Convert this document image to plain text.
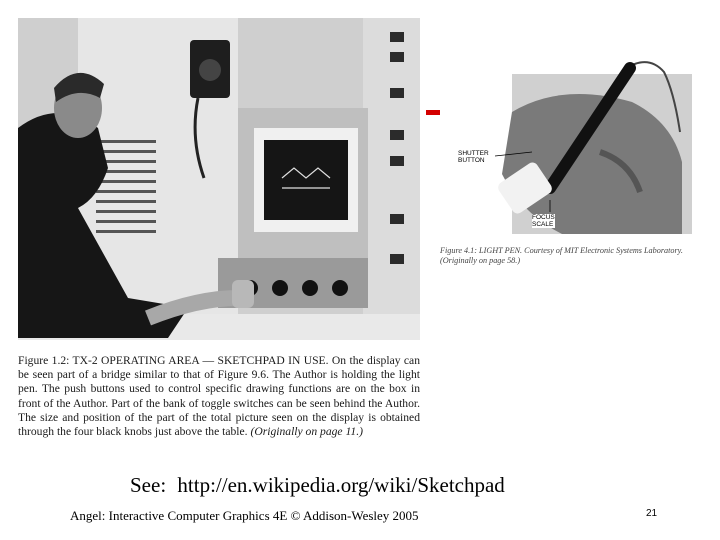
Figure 1.2: TX-2 OPERATING AREA — SKETCHPAD IN USE. On the display can be seen part of a bridge similar to that of Figure 9.6. The Author is holding the light pen. The push buttons used to control specific drawing functions are on the box in front of the Author. Part of the bank of toggle switches can be seen behind the Author. The size and position of the part of the total picture seen on the display is obtained through the four black knobs just above the table. (Originally on page 11.)
SHUTTER
BUTTON
FOCUS
SCALE
Figure 4.1: LIGHT PEN. Courtesy of MIT Electronic Systems Laboratory. (Originally on page 58.)
See: http://en.wikipedia.org/wiki/Sketchpad
Angel: Interactive Computer Graphics 4E © Addison-Wesley 2005	21
